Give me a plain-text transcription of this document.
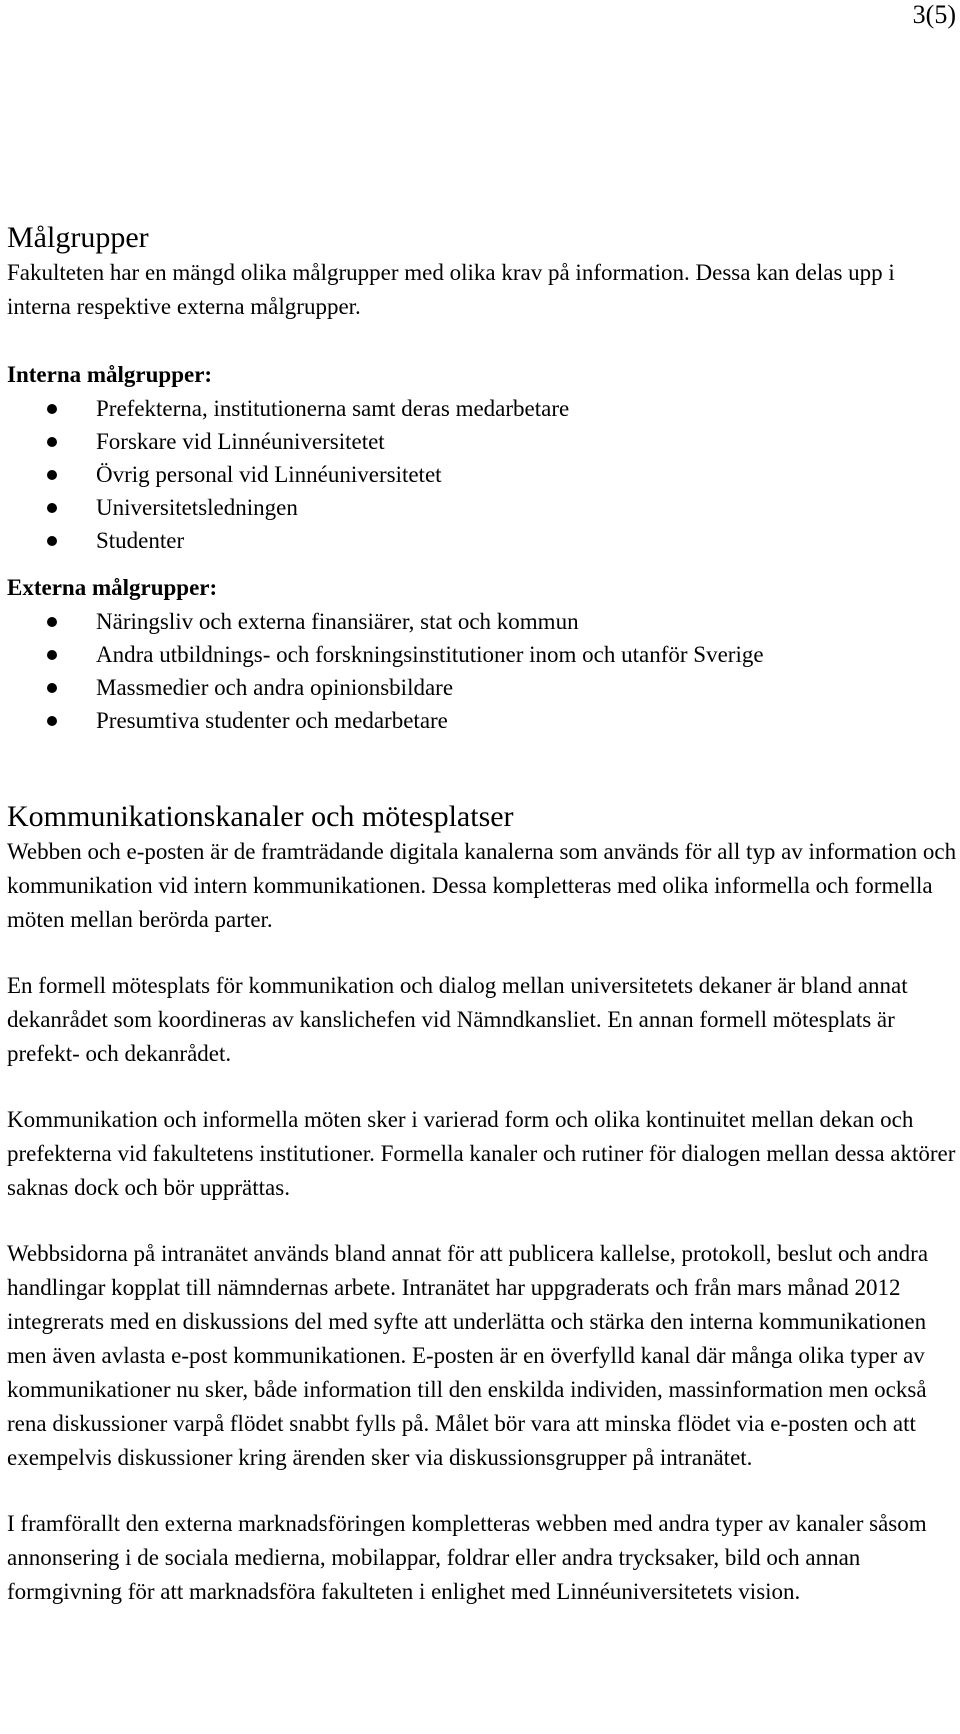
3(5)
Målgrupper

Fakulteten har en mängd olika målgrupper med olika krav på information. Dessa kan delas upp i interna respektive externa målgrupper.

Interna målgrupper:

Prefekterna, institutionerna samt deras medarbetare
Forskare vid Linnéuniversitetet
Övrig personal vid Linnéuniversitetet
Universitetsledningen
Studenter

Externa målgrupper:

Näringsliv och externa finansiärer, stat och kommun
Andra utbildnings- och forskningsinstitutioner inom och utanför Sverige
Massmedier och andra opinionsbildare
Presumtiva studenter och medarbetare
Kommunikationskanaler och mötesplatser

Webben och e-posten är de framträdande digitala kanalerna som används för all typ av information och kommunikation vid intern kommunikationen. Dessa kompletteras med olika informella och formella möten mellan berörda parter.

En formell mötesplats för kommunikation och dialog mellan universitetets dekaner är bland annat dekanrådet som koordineras av kanslichefen vid Nämndkansliet. En annan formell mötesplats är prefekt- och dekanrådet.

Kommunikation och informella möten sker i varierad form och olika kontinuitet mellan dekan och prefekterna vid fakultetens institutioner. Formella kanaler och rutiner för dialogen mellan dessa aktörer saknas dock och bör upprättas.

Webbsidorna på intranätet används bland annat för att publicera kallelse, protokoll, beslut och andra handlingar kopplat till nämndernas arbete. Intranätet har uppgraderats och från mars månad 2012 integrerats med en diskussions del med syfte att underlätta och stärka den interna kommunikationen men även avlasta e-post kommunikationen. E-posten är en överfylld kanal där många olika typer av kommunikationer nu sker, både information till den enskilda individen, massinformation men också rena diskussioner varpå flödet snabbt fylls på. Målet bör vara att minska flödet via e-posten och att exempelvis diskussioner kring ärenden sker via diskussionsgrupper på intranätet.

I framförallt den externa marknadsföringen kompletteras webben med andra typer av kanaler såsom annonsering i de sociala medierna, mobilappar, foldrar eller andra trycksaker, bild och annan formgivning för att marknadsföra fakulteten i enlighet med Linnéuniversitetets vision.
